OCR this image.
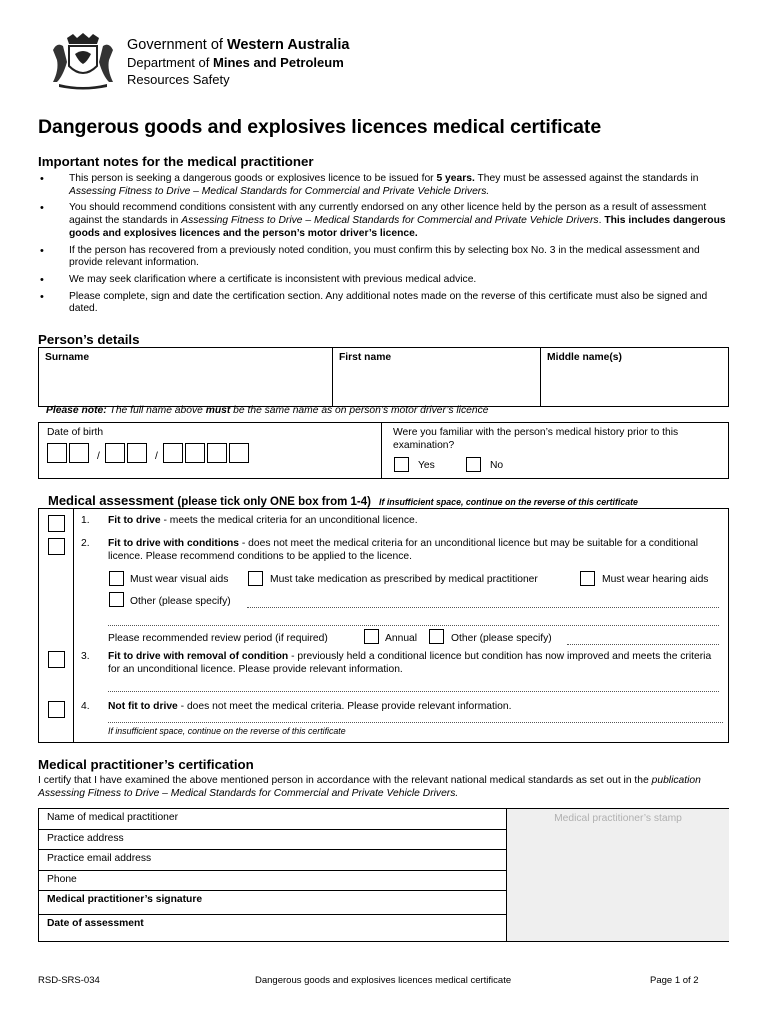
Government of Western Australia
Department of Mines and Petroleum
Resources Safety
Dangerous goods and explosives licences medical certificate
Important notes for the medical practitioner
• This person is seeking a dangerous goods or explosives licence to be issued for 5 years. They must be assessed against the standards in Assessing Fitness to Drive – Medical Standards for Commercial and Private Vehicle Drivers.
• You should recommend conditions consistent with any currently endorsed on any other licence held by the person as a result of assessment against the standards in Assessing Fitness to Drive – Medical Standards for Commercial and Private Vehicle Drivers. This includes dangerous goods and explosives licences and the person’s motor driver’s licence.
• If the person has recovered from a previously noted condition, you must confirm this by selecting box No. 3 in the medical assessment and provide relevant information.
• We may seek clarification where a certificate is inconsistent with previous medical advice.
• Please complete, sign and date the certification section. Any additional notes made on the reverse of this certificate must also be signed and dated.
Person’s details
Surname	First name	Middle name(s)
Please note: The full name above must be the same name as on person’s motor driver’s licence
Date of birth
/	/
Were you familiar with the person’s medical history prior to this examination?
Yes	No
Medical assessment (please tick only ONE box from 1-4) If insufficient space, continue on the reverse of this certificate
1. Fit to drive - meets the medical criteria for an unconditional licence.
2. Fit to drive with conditions - does not meet the medical criteria for an unconditional licence but may be suitable for a conditional licence. Please recommend conditions to be applied to the licence.
Must wear visual aids	Must take medication as prescribed by medical practitioner	Must wear hearing aids
Other (please specify)
Please recommended review period (if required)	Annual	Other (please specify)
3. Fit to drive with removal of condition - previously held a conditional licence but condition has now improved and meets the criteria for an unconditional licence. Please provide relevant information.
4. Not fit to drive - does not meet the medical criteria. Please provide relevant information.
If insufficient space, continue on the reverse of this certificate
Medical practitioner’s certification
I certify that I have examined the above mentioned person in accordance with the relevant national medical standards as set out in the publication Assessing Fitness to Drive – Medical Standards for Commercial and Private Vehicle Drivers.
Name of medical practitioner
Practice address
Practice email address
Phone
Medical practitioner’s signature
Date of assessment
Medical practitioner’s stamp
RSD-SRS-034	Dangerous goods and explosives licences medical certificate	Page 1 of 2
